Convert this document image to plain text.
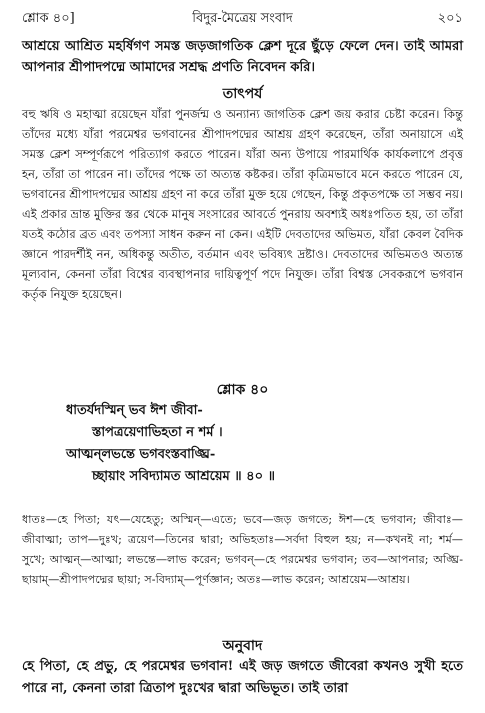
শ্লোক ৪০]	বিদুর-মৈত্রেয় সংবাদ	২০১

আশ্রয়ে আশ্রিত মহর্ষিগণ সমস্ত জড়জাগতিক ক্লেশ দূরে ছুঁড়ে ফেলে দেন। তাই আমরা আপনার শ্রীপাদপদ্মে আমাদের সশ্রদ্ধ প্রণতি নিবেদন করি।

তাৎপর্য

বহু ঋষি ও মহাত্মা রয়েছেন যাঁরা পুনর্জন্ম ও অন্যান্য জাগতিক ক্লেশ জয় করার চেষ্টা করেন। কিন্তু তাঁদের মধ্যে যাঁরা পরমেশ্বর ভগবানের শ্রীপাদপদ্মের আশ্রয় গ্রহণ করেছেন, তাঁরা অনায়াসে এই সমস্ত ক্লেশ সম্পূর্ণরূপে পরিত্যাগ করতে পারেন। যাঁরা অন্য উপায়ে পারমার্থিক কার্যকলাপে প্রবৃত্ত হন, তাঁরা তা পারেন না। তাঁদের পক্ষে তা অত্যন্ত কষ্টকর। তাঁরা কৃত্রিমভাবে মনে করতে পারেন যে, ভগবানের শ্রীপাদপদ্মের আশ্রয় গ্রহণ না করে তাঁরা মুক্ত হয়ে গেছেন, কিন্তু প্রকৃতপক্ষে তা সম্ভব নয়। এই প্রকার ভ্রান্ত মুক্তির স্তর থেকে মানুষ সংসারের আবর্তে পুনরায় অবশ্যই অধঃপতিত হয়, তা তাঁরা যতই কঠোর ব্রত এবং তপস্যা সাধন করুন না কেন। এইটি দেবতাদের অভিমত, যাঁরা কেবল বৈদিক জ্ঞানে পারদর্শীই নন, অধিকন্তু অতীত, বর্তমান এবং ভবিষ্যৎ দ্রষ্টাও। দেবতাদের অভিমতও অত্যন্ত মূল্যবান, কেননা তাঁরা বিশ্বের ব্যবস্থাপনার দায়িত্বপূর্ণ পদে নিযুক্ত। তাঁরা বিশ্বস্ত সেবকরূপে ভগবান কর্তৃক নিযুক্ত হয়েছেন।

শ্লোক ৪০
ধাতর্যদস্মিন্ ভব ঈশ জীবা-
স্তাপত্রয়েণাভিহতা ন শর্ম ।
আত্মন্‌লভন্তে ভগবংস্তবাঙ্ঘ্রি-
চ্ছায়াং সবিদ্যামত আশ্রয়েম ॥ ৪০ ॥

ধাতঃ—হে পিতা; যৎ—যেহেতু; অস্মিন্—এতে; ভবে—জড় জগতে; ঈশ—হে ভগবান; জীবাঃ—জীবাত্মা; তাপ—দুঃখ; ত্রয়েণ—তিনের দ্বারা; অভিহতাঃ—সর্বদা বিহুল হয়; ন—কখনই না; শর্ম—সুখে; আত্মন্—আত্মা; লভন্তে—লাভ করেন; ভগবন্—হে পরমেশ্বর ভগবান; তব—আপনার; অঙ্ঘ্রি-ছায়াম্—শ্রীপাদপদ্মের ছায়া; স-বিদ্যাম্—পূর্ণজ্ঞান; অতঃ—লাভ করেন; আশ্রয়েম—আশ্রয়।

অনুবাদ

হে পিতা, হে প্রভু, হে পরমেশ্বর ভগবান! এই জড় জগতে জীবেরা কখনও সুখী হতে পারে না, কেননা তারা ত্রিতাপ দুঃখের দ্বারা অভিভূত। তাই তারা
